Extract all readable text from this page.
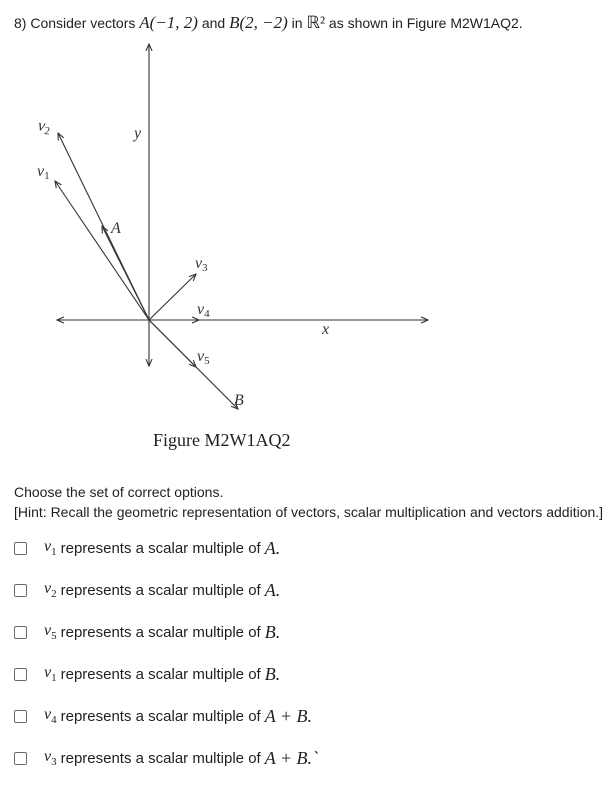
8) Consider vectors A(−1, 2) and B(2, −2) in ℝ² as shown in Figure M2W1AQ2.
v2
v1
y
A
v3
v4
x
v5
B
Figure M2W1AQ2
Choose the set of correct options.
[Hint: Recall the geometric representation of vectors, scalar multiplication and vectors addition.]
$v_1$ represents a scalar multiple of A.
$v_2$ represents a scalar multiple of A.
$v_5$ represents a scalar multiple of B.
$v_1$ represents a scalar multiple of B.
$v_4$ represents a scalar multiple of A + B.
$v_3$ represents a scalar multiple of A + B.`
